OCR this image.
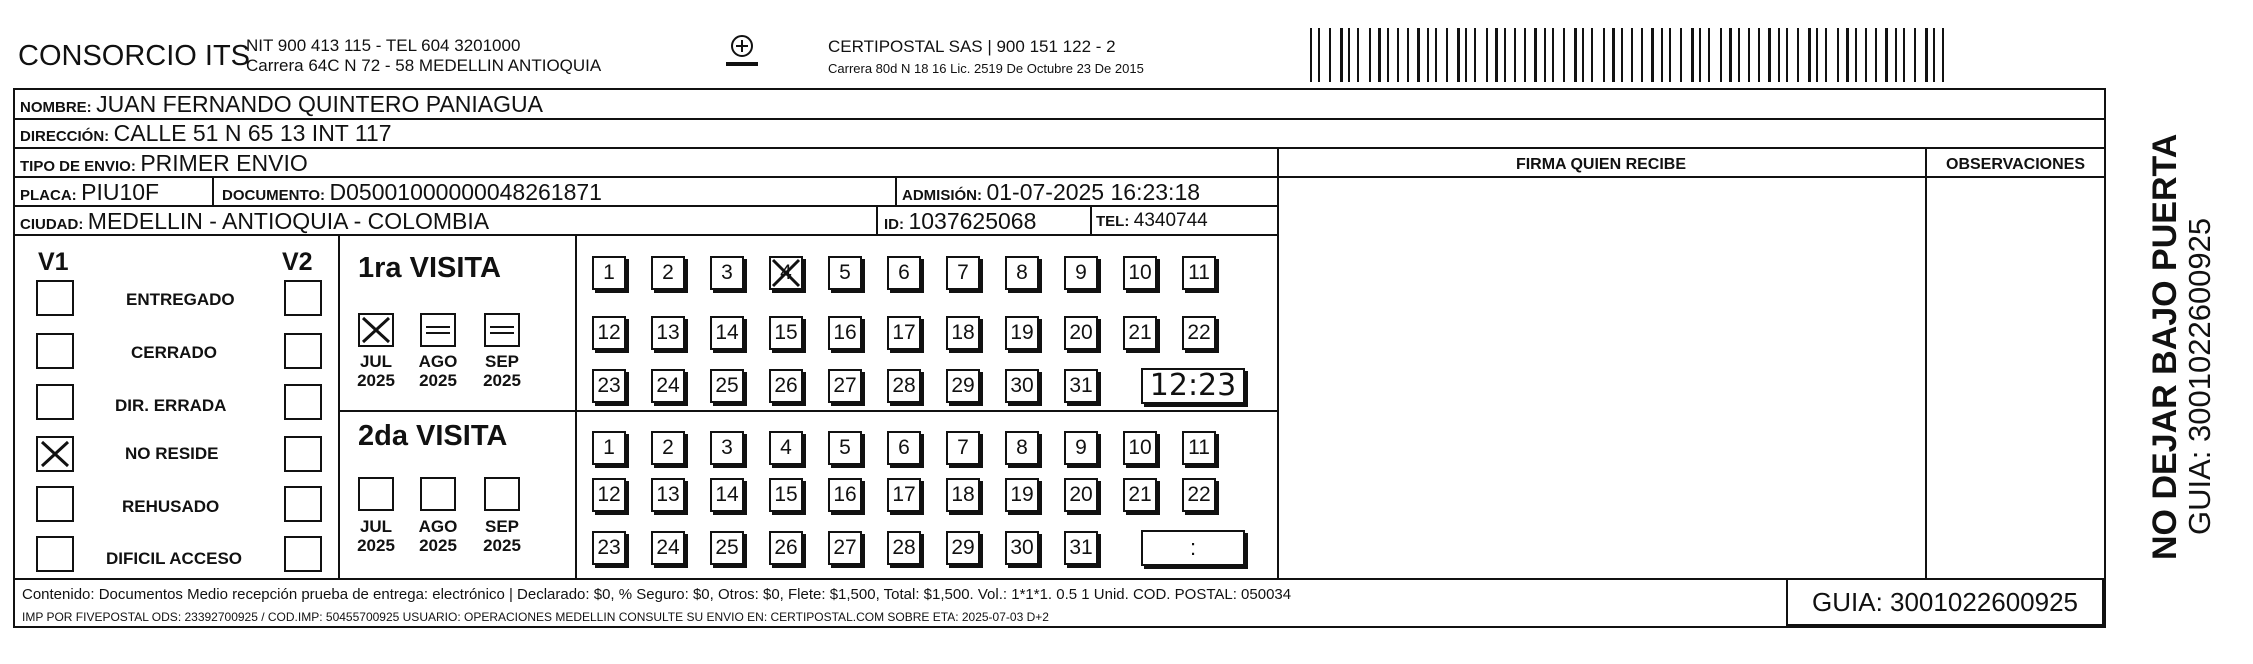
CONSORCIO ITS
NIT 900 413 115 - TEL 604 3201000
Carrera 64C N 72 - 58 MEDELLIN ANTIOQUIA
CERTIPOSTAL SAS | 900 151 122 - 2
Carrera 80d N 18 16 Lic. 2519 De Octubre 23 De 2015
NOMBRE: JUAN FERNANDO QUINTERO PANIAGUA
DIRECCIÓN: CALLE 51 N 65 13 INT 117
TIPO DE ENVIO: PRIMER ENVIO	FIRMA QUIEN RECIBE	OBSERVACIONES
PLACA: PIU10F	DOCUMENTO: D05001000000048261871	ADMISIÓN: 01-07-2025 16:23:18
CIUDAD: MEDELLIN - ANTIOQUIA - COLOMBIA	ID: 1037625068	TEL: 4340744
V1	V2
ENTREGADO
CERRADO
DIR. ERRADA
NO RESIDE
REHUSADO
DIFICIL ACCESO
1ra VISITA
2da VISITA
JUL
2025
AGO
2025
SEP
2025
JUL
2025
AGO
2025
SEP
2025
1	2	3	4	5	6	7	8	9	10 11
12 13 14 15 16 17 18 19 20 21 22
23 24 25 26 27 28 29 30 31 12:23
1	2	3	4	5	6	7	8	9	10 11
12 13 14 15 16 17 18 19 20 21 22
23 24 25 26 27 28 29 30 31	:
Contenido: Documentos Medio recepción prueba de entrega: electrónico | Declarado: $0, % Seguro: $0, Otros: $0, Flete: $1,500, Total: $1,500. Vol.: 1*1*1. 0.5 1 Unid. COD. POSTAL: 050034
IMP POR FIVEPOSTAL ODS: 23392700925 / COD.IMP: 50455700925 USUARIO: OPERACIONES MEDELLIN CONSULTE SU ENVIO EN: CERTIPOSTAL.COM SOBRE ETA: 2025-07-03 D+2	GUIA: 3001022600925
NO DEJAR BAJO PUERTA
GUIA: 3001022600925
